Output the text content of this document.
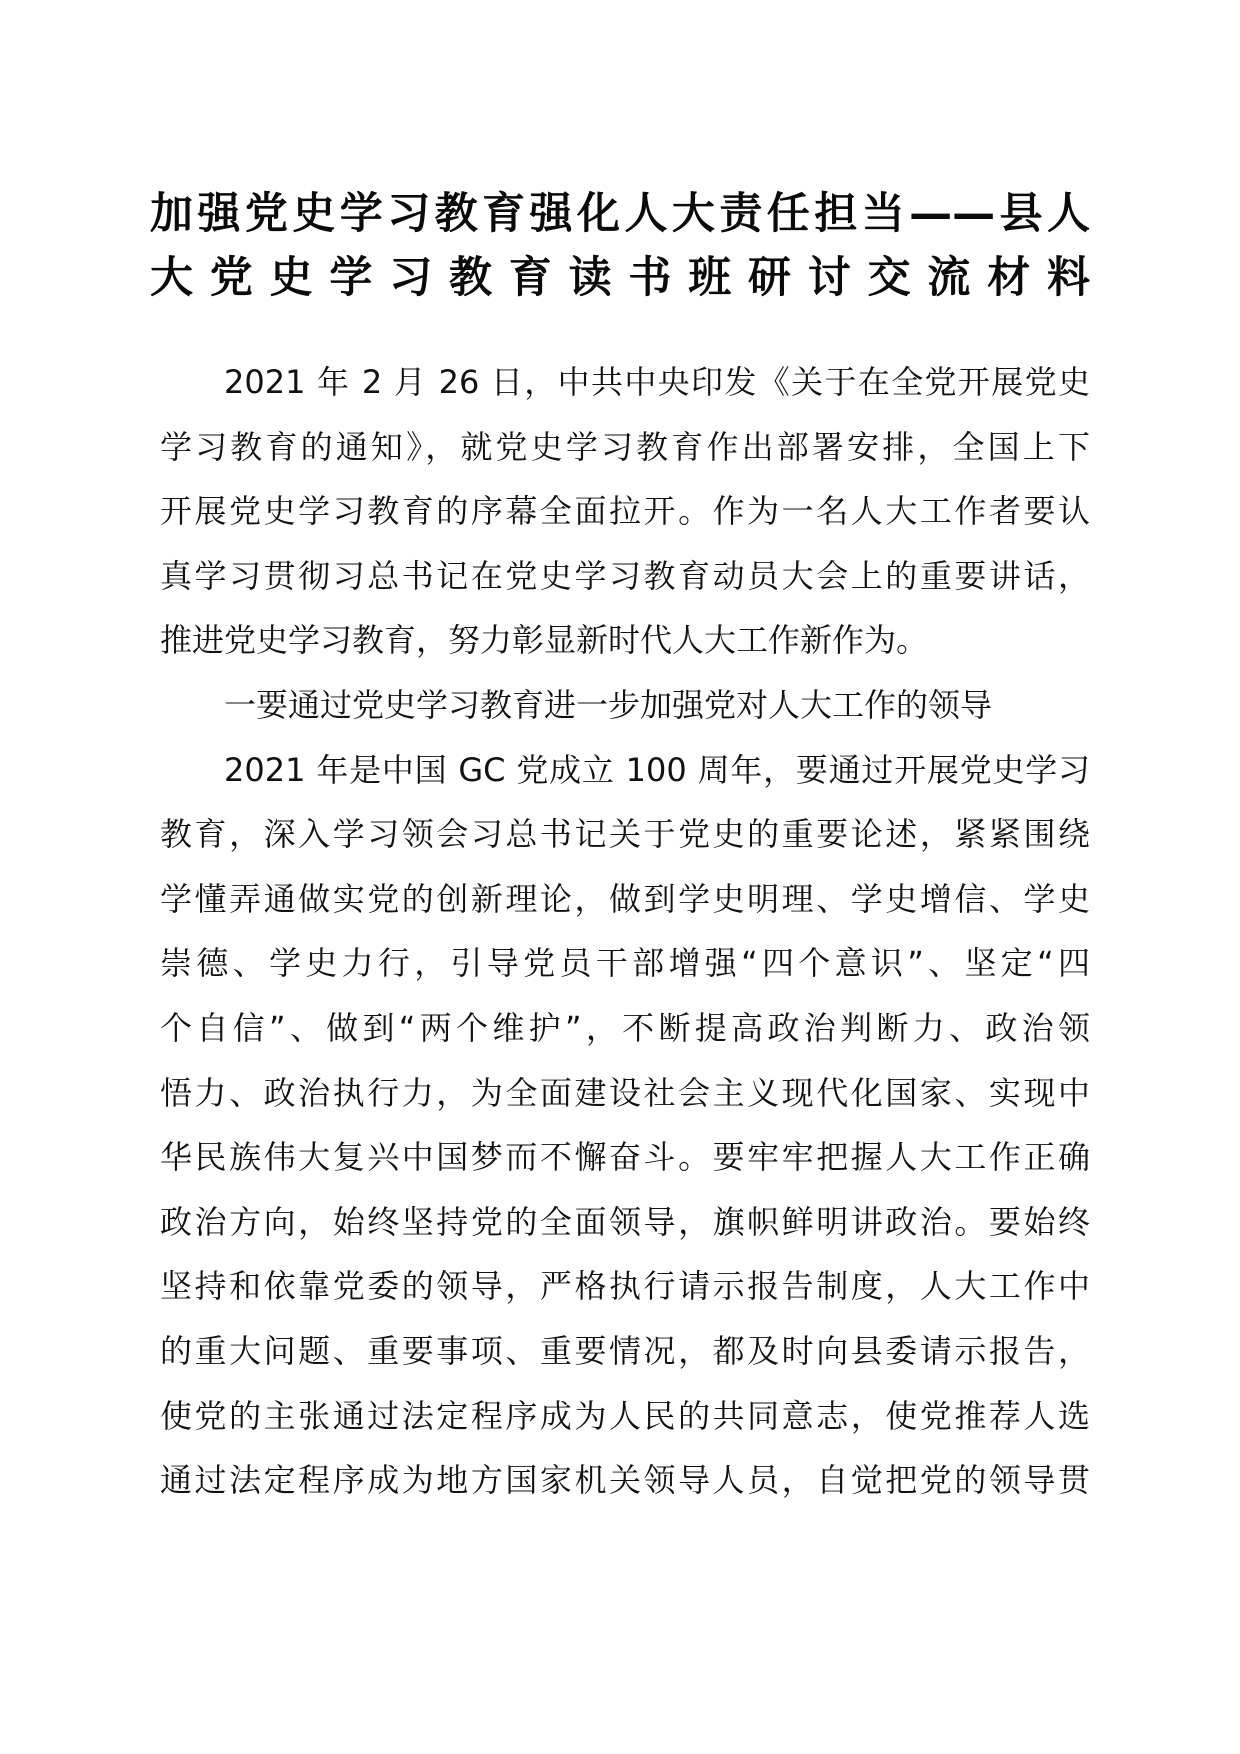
加强党史学习教育强化人大责任担当——县人
大党史学习教育读书班研讨交流材料

2021 年 2 月 26 日，中共中央印发《关于在全党开展党史
学习教育的通知》，就党史学习教育作出部署安排，全国上下
开展党史学习教育的序幕全面拉开。作为一名人大工作者要认
真学习贯彻习总书记在党史学习教育动员大会上的重要讲话，
推进党史学习教育，努力彰显新时代人大工作新作为。

一要通过党史学习教育进一步加强党对人大工作的领导

2021 年是中国 GC 党成立 100 周年，要通过开展党史学习
教育，深入学习领会习总书记关于党史的重要论述，紧紧围绕
学懂弄通做实党的创新理论，做到学史明理、学史增信、学史
崇德、学史力行，引导党员干部增强“四个意识”、坚定“四
个自信”、做到“两个维护”，不断提高政治判断力、政治领
悟力、政治执行力，为全面建设社会主义现代化国家、实现中
华民族伟大复兴中国梦而不懈奋斗。要牢牢把握人大工作正确
政治方向，始终坚持党的全面领导，旗帜鲜明讲政治。要始终
坚持和依靠党委的领导，严格执行请示报告制度，人大工作中
的重大问题、重要事项、重要情况，都及时向县委请示报告，
使党的主张通过法定程序成为人民的共同意志，使党推荐人选
通过法定程序成为地方国家机关领导人员，自觉把党的领导贯
